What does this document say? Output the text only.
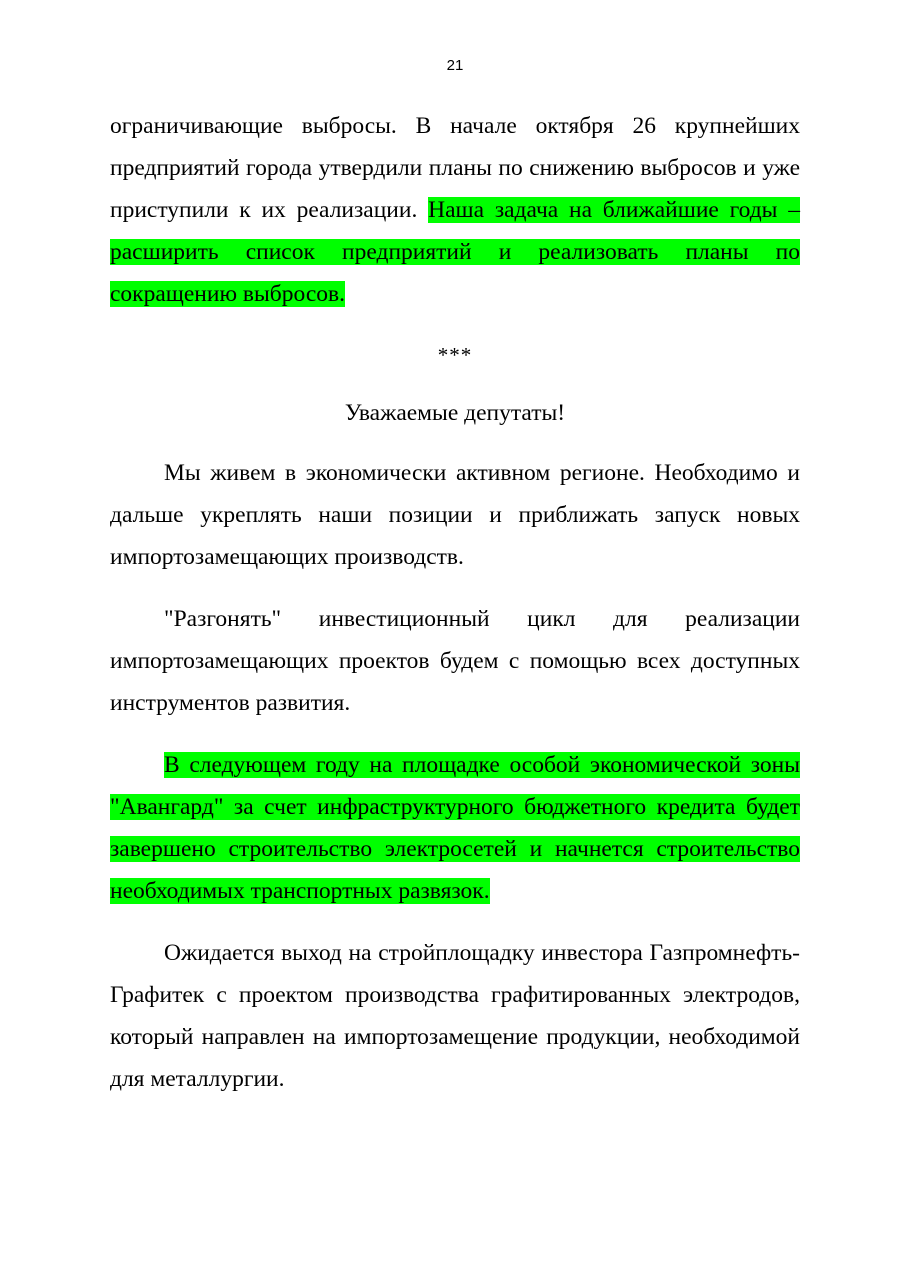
21

ограничивающие выбросы. В начале октября 26 крупнейших предприятий города утвердили планы по снижению выбросов и уже приступили к их реализации. Наша задача на ближайшие годы – расширить список предприятий и реализовать планы по сокращению выбросов.

***
Уважаемые депутаты!

Мы живем в экономически активном регионе. Необходимо и дальше укреплять наши позиции и приближать запуск новых импортозамещающих производств.

"Разгонять" инвестиционный цикл для реализации импортозамещающих проектов будем с помощью всех доступных инструментов развития.

В следующем году на площадке особой экономической зоны "Авангард" за счет инфраструктурного бюджетного кредита будет завершено строительство электросетей и начнется строительство необходимых транспортных развязок.

Ожидается выход на стройплощадку инвестора Газпромнефть-Графитек с проектом производства графитированных электродов, который направлен на импортозамещение продукции, необходимой для металлургии.
